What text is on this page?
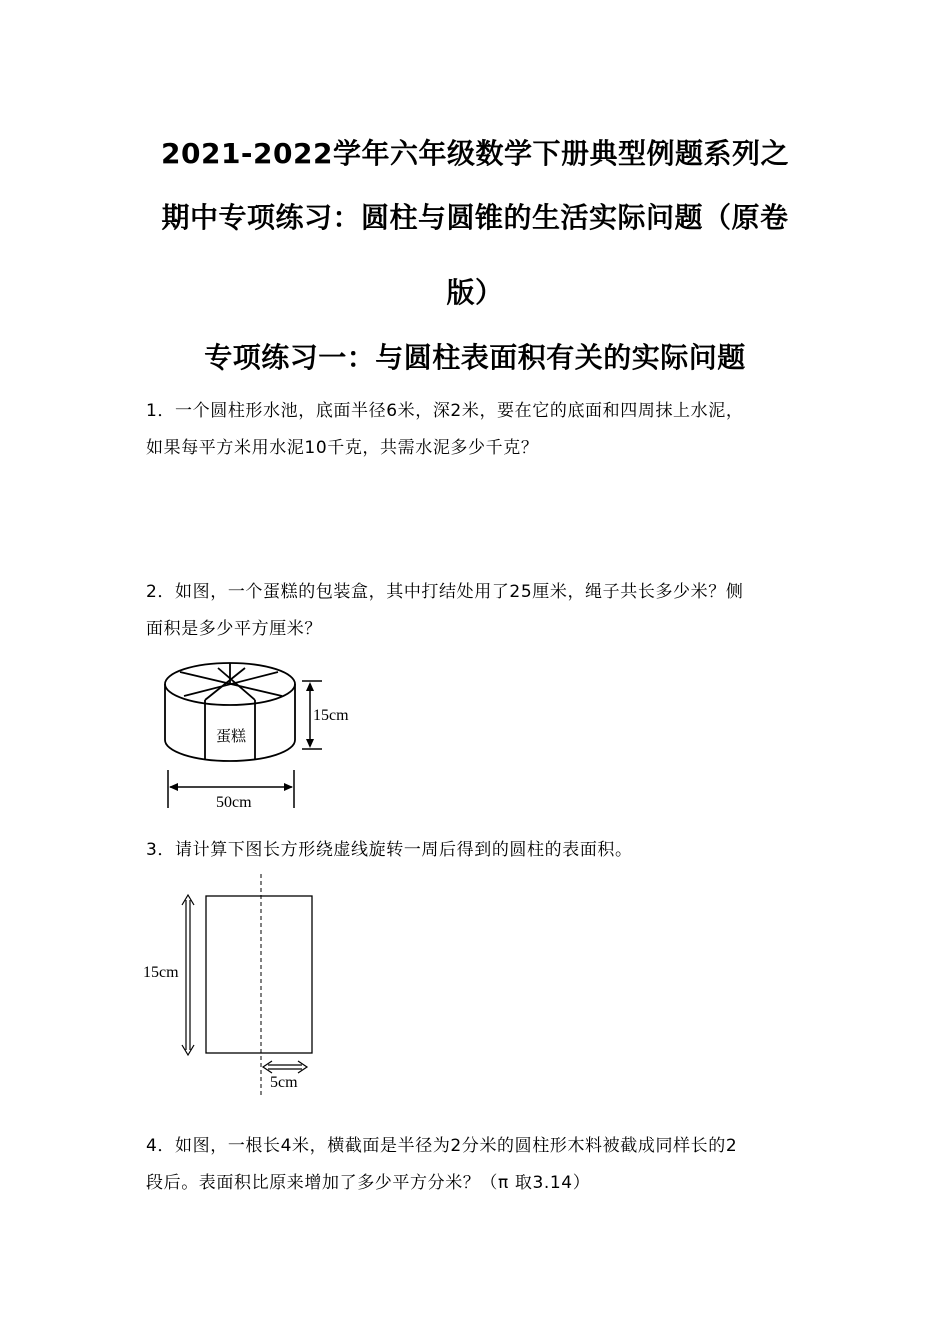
2021-2022学年六年级数学下册典型例题系列之
期中专项练习：圆柱与圆锥的生活实际问题（原卷
版）
专项练习一：与圆柱表面积有关的实际问题
1．一个圆柱形水池，底面半径6米，深2米，要在它的底面和四周抹上水泥，
如果每平方米用水泥10千克，共需水泥多少千克？
2．如图，一个蛋糕的包装盒，其中打结处用了25厘米，绳子共长多少米？侧
面积是多少平方厘米？
蛋糕
15cm
50cm
3．请计算下图长方形绕虚线旋转一周后得到的圆柱的表面积。
15cm
5cm
4．如图，一根长4米，横截面是半径为2分米的圆柱形木料被截成同样长的2
段后。表面积比原来增加了多少平方分米？（π 取3.14）
